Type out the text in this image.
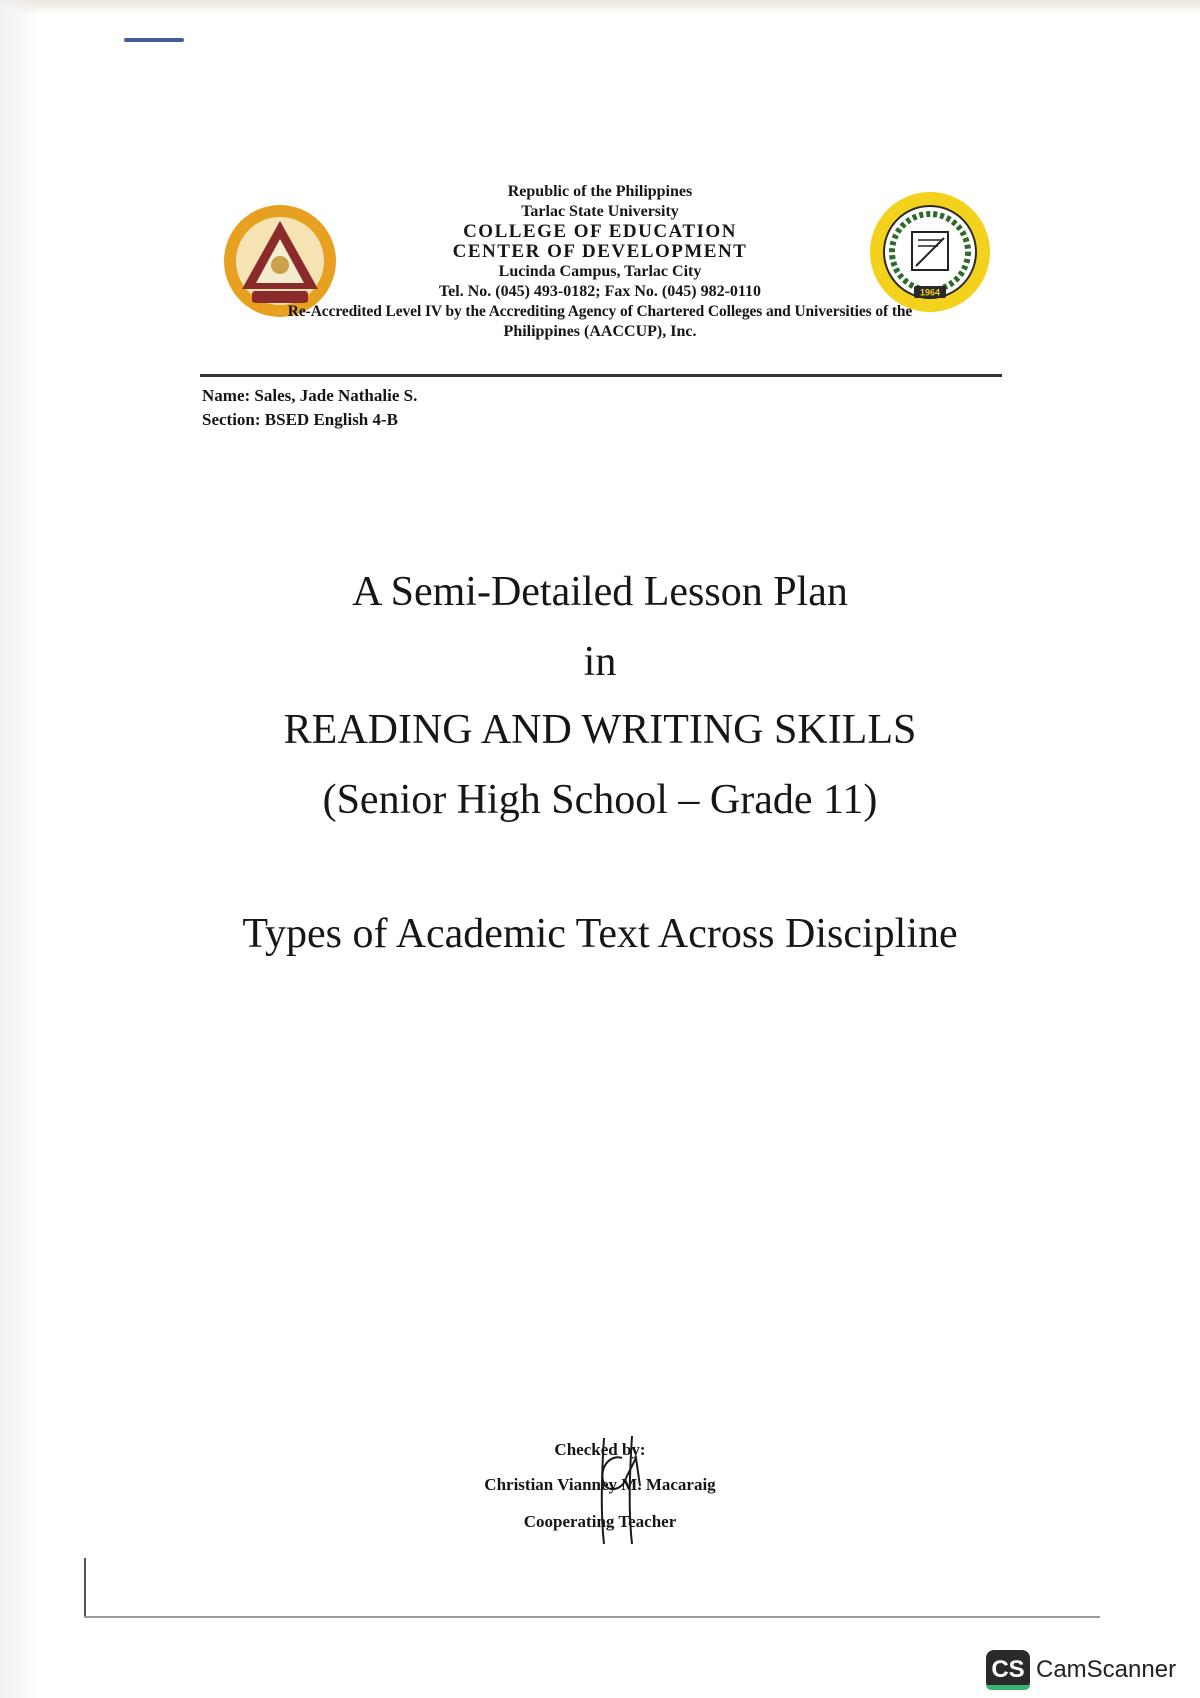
1964
Republic of the Philippines
Tarlac State University
COLLEGE OF EDUCATION
CENTER OF DEVELOPMENT
Lucinda Campus, Tarlac City
Tel. No. (045) 493-0182; Fax No. (045) 982-0110
Re-Accredited Level IV by the Accrediting Agency of Chartered Colleges and Universities of the
Philippines (AACCUP), Inc.
Name: Sales, Jade Nathalie S.
Section: BSED English 4-B
A Semi-Detailed Lesson Plan
in
READING AND WRITING SKILLS
(Senior High School – Grade 11)
Types of Academic Text Across Discipline
Checked by:
Christian Vianney M. Macaraig
Cooperating Teacher
CS CamScanner
